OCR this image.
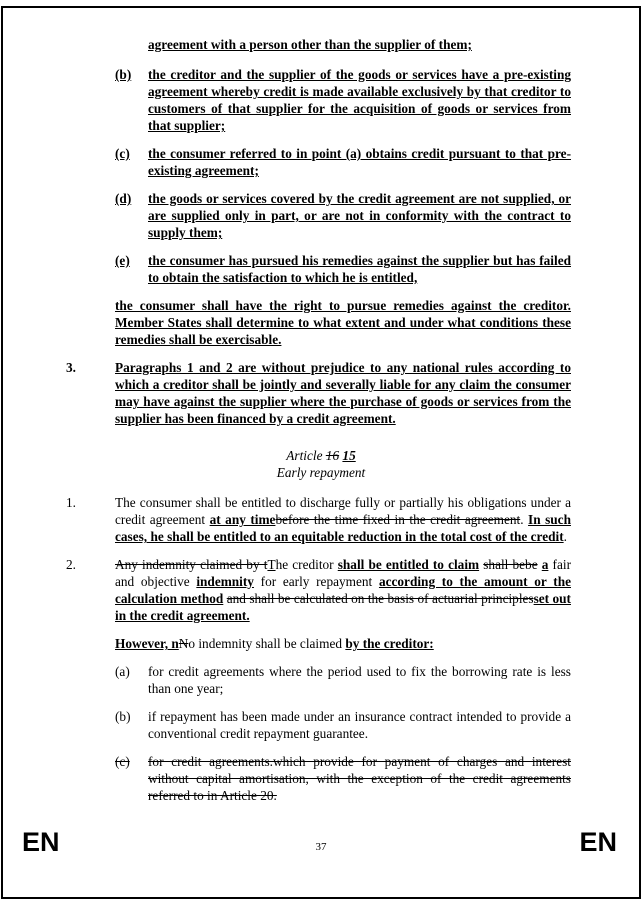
agreement with a person other than the supplier of them;

(b)	the creditor and the supplier of the goods or services have a pre-existing agreement whereby credit is made available exclusively by that creditor to customers of that supplier for the acquisition of goods or services from that supplier;
(c)	the consumer referred to in point (a) obtains credit pursuant to that pre-existing agreement;
(d)	the goods or services covered by the credit agreement are not supplied, or are supplied only in part, or are not in conformity with the contract to supply them;
(e)	the consumer has pursued his remedies against the supplier but has failed to obtain the satisfaction to which he is entitled,

the consumer shall have the right to pursue remedies against the creditor. Member States shall determine to what extent and under what conditions these remedies shall be exercisable.

3.	Paragraphs 1 and 2 are without prejudice to any national rules according to which a creditor shall be jointly and severally liable for any claim the consumer may have against the supplier where the purchase of goods or services from the supplier has been financed by a credit agreement.
Article 16 15
Early repayment
1.	The consumer shall be entitled to discharge fully or partially his obligations under a credit agreement at any timebefore the time fixed in the credit agreement. In such cases, he shall be entitled to an equitable reduction in the total cost of the credit.
2.	Any indemnity claimed by tThe creditor shall be entitled to claim shall bebe a fair and objective indemnity for early repayment according to the amount or the calculation method and shall be calculated on the basis of actuarial principlesset out in the credit agreement.

However, nNo indemnity shall be claimed by the creditor:

(a)	for credit agreements where the period used to fix the borrowing rate is less than one year;
(b)	if repayment has been made under an insurance contract intended to provide a conventional credit repayment guarantee.
(c)	for credit agreements.which provide for payment of charges and interest without capital amortisation, with the exception of the credit agreements referred to in Article 20.
EN	37	EN
